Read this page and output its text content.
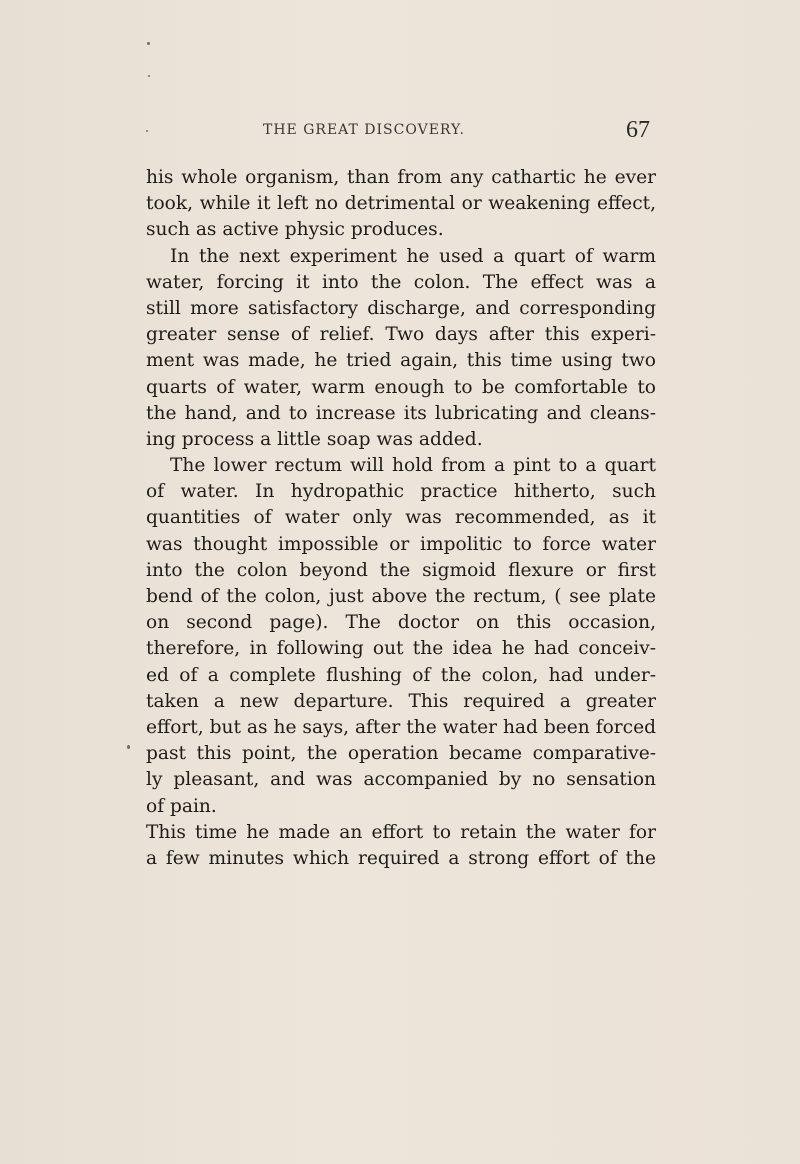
THE GREAT DISCOVERY.	67
his whole organism, than from any cathartic he ever
took, while it left no detrimental or weakening effect,
such as active physic produces.
In the next experiment he used a quart of warm
water, forcing it into the colon. The effect was a
still more satisfactory discharge, and corresponding
greater sense of relief. Two days after this experi-
ment was made, he tried again, this time using two
quarts of water, warm enough to be comfortable to
the hand, and to increase its lubricating and cleans-
ing process a little soap was added.
The lower rectum will hold from a pint to a quart
of water. In hydropathic practice hitherto, such
quantities of water only was recommended, as it
was thought impossible or impolitic to force water
into the colon beyond the sigmoid flexure or first
bend of the colon, just above the rectum, ( see plate
on second page). The doctor on this occasion,
therefore, in following out the idea he had conceiv-
ed of a complete flushing of the colon, had under-
taken a new departure. This required a greater
effort, but as he says, after the water had been forced
past this point, the operation became comparative-
ly pleasant, and was accompanied by no sensation
of pain.
This time he made an effort to retain the water for
a few minutes which required a strong effort of the
